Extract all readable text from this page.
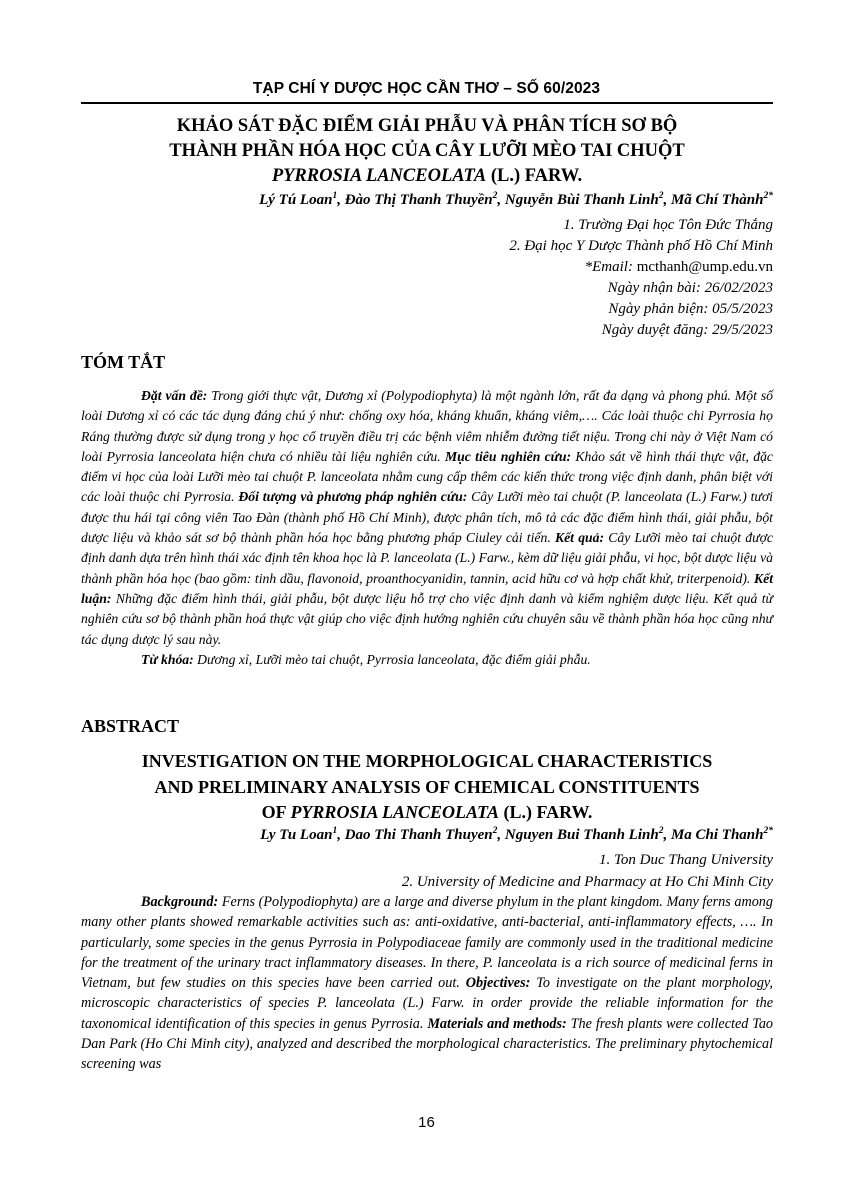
TẠP CHÍ Y DƯỢC HỌC CẦN THƠ – SỐ 60/2023
KHẢO SÁT ĐẶC ĐIỂM GIẢI PHẪU VÀ PHÂN TÍCH SƠ BỘ
THÀNH PHẦN HÓA HỌC CỦA CÂY LƯỠI MÈO TAI CHUỘT
PYRROSIA LANCEOLATA (L.) FARW.
Lý Tú Loan$^1$, Đào Thị Thanh Thuyền$^2$, Nguyễn Bùi Thanh Linh$^2$, Mã Chí Thành$^{2*}$
1. Trường Đại học Tôn Đức Thắng
2. Đại học Y Dược Thành phố Hồ Chí Minh
*Email: mcthanh@ump.edu.vn
Ngày nhận bài: 26/02/2023
Ngày phản biện: 05/5/2023
Ngày duyệt đăng: 29/5/2023
TÓM TẮT
Đặt vấn đề: Trong giới thực vật, Dương xỉ (Polypodiophyta) là một ngành lớn, rất đa dạng và phong phú. Một số loài Dương xỉ có các tác dụng đáng chú ý như: chống oxy hóa, kháng khuẩn, kháng viêm,…. Các loài thuộc chi Pyrrosia họ Ráng thường được sử dụng trong y học cổ truyền điều trị các bệnh viêm nhiễm đường tiết niệu. Trong chi này ở Việt Nam có loài Pyrrosia lanceolata hiện chưa có nhiều tài liệu nghiên cứu. Mục tiêu nghiên cứu: Khảo sát về hình thái thực vật, đặc điểm vi học của loài Lưỡi mèo tai chuột P. lanceolata nhằm cung cấp thêm các kiến thức trong việc định danh, phân biệt với các loài thuộc chi Pyrrosia. Đối tượng và phương pháp nghiên cứu: Cây Lưỡi mèo tai chuột (P. lanceolata (L.) Farw.) tươi được thu hái tại công viên Tao Đàn (thành phố Hồ Chí Minh), được phân tích, mô tả các đặc điểm hình thái, giải phẫu, bột dược liệu và khảo sát sơ bộ thành phần hóa học bằng phương pháp Ciuley cải tiến. Kết quả: Cây Lưỡi mèo tai chuột được định danh dựa trên hình thái xác định tên khoa học là P. lanceolata (L.) Farw., kèm dữ liệu giải phẫu, vi học, bột dược liệu và thành phần hóa học (bao gồm: tinh dầu, flavonoid, proanthocyanidin, tannin, acid hữu cơ và hợp chất khử, triterpenoid). Kết luận: Những đặc điểm hình thái, giải phẫu, bột dược liệu hỗ trợ cho việc định danh và kiểm nghiệm dược liệu. Kết quả từ nghiên cứu sơ bộ thành phần hoá thực vật giúp cho việc định hướng nghiên cứu chuyên sâu về thành phần hóa học cũng như tác dụng dược lý sau này.
Từ khóa: Dương xỉ, Lưỡi mèo tai chuột, Pyrrosia lanceolata, đặc điểm giải phẫu.
ABSTRACT
INVESTIGATION ON THE MORPHOLOGICAL CHARACTERISTICS
AND PRELIMINARY ANALYSIS OF CHEMICAL CONSTITUENTS
OF PYRROSIA LANCEOLATA (L.) FARW.
Ly Tu Loan$^1$, Dao Thi Thanh Thuyen$^2$, Nguyen Bui Thanh Linh$^2$, Ma Chi Thanh$^{2*}$
1. Ton Duc Thang University
2. University of Medicine and Pharmacy at Ho Chi Minh City
Background: Ferns (Polypodiophyta) are a large and diverse phylum in the plant kingdom. Many ferns among many other plants showed remarkable activities such as: anti-oxidative, anti-bacterial, anti-inflammatory effects, …. In particularly, some species in the genus Pyrrosia in Polypodiaceae family are commonly used in the traditional medicine for the treatment of the urinary tract inflammatory diseases. In there, P. lanceolata is a rich source of medicinal ferns in Vietnam, but few studies on this species have been carried out. Objectives: To investigate on the plant morphology, microscopic characteristics of species P. lanceolata (L.) Farw. in order provide the reliable information for the taxonomical identification of this species in genus Pyrrosia. Materials and methods: The fresh plants were collected Tao Dan Park (Ho Chi Minh city), analyzed and described the morphological characteristics. The preliminary phytochemical screening was
16
